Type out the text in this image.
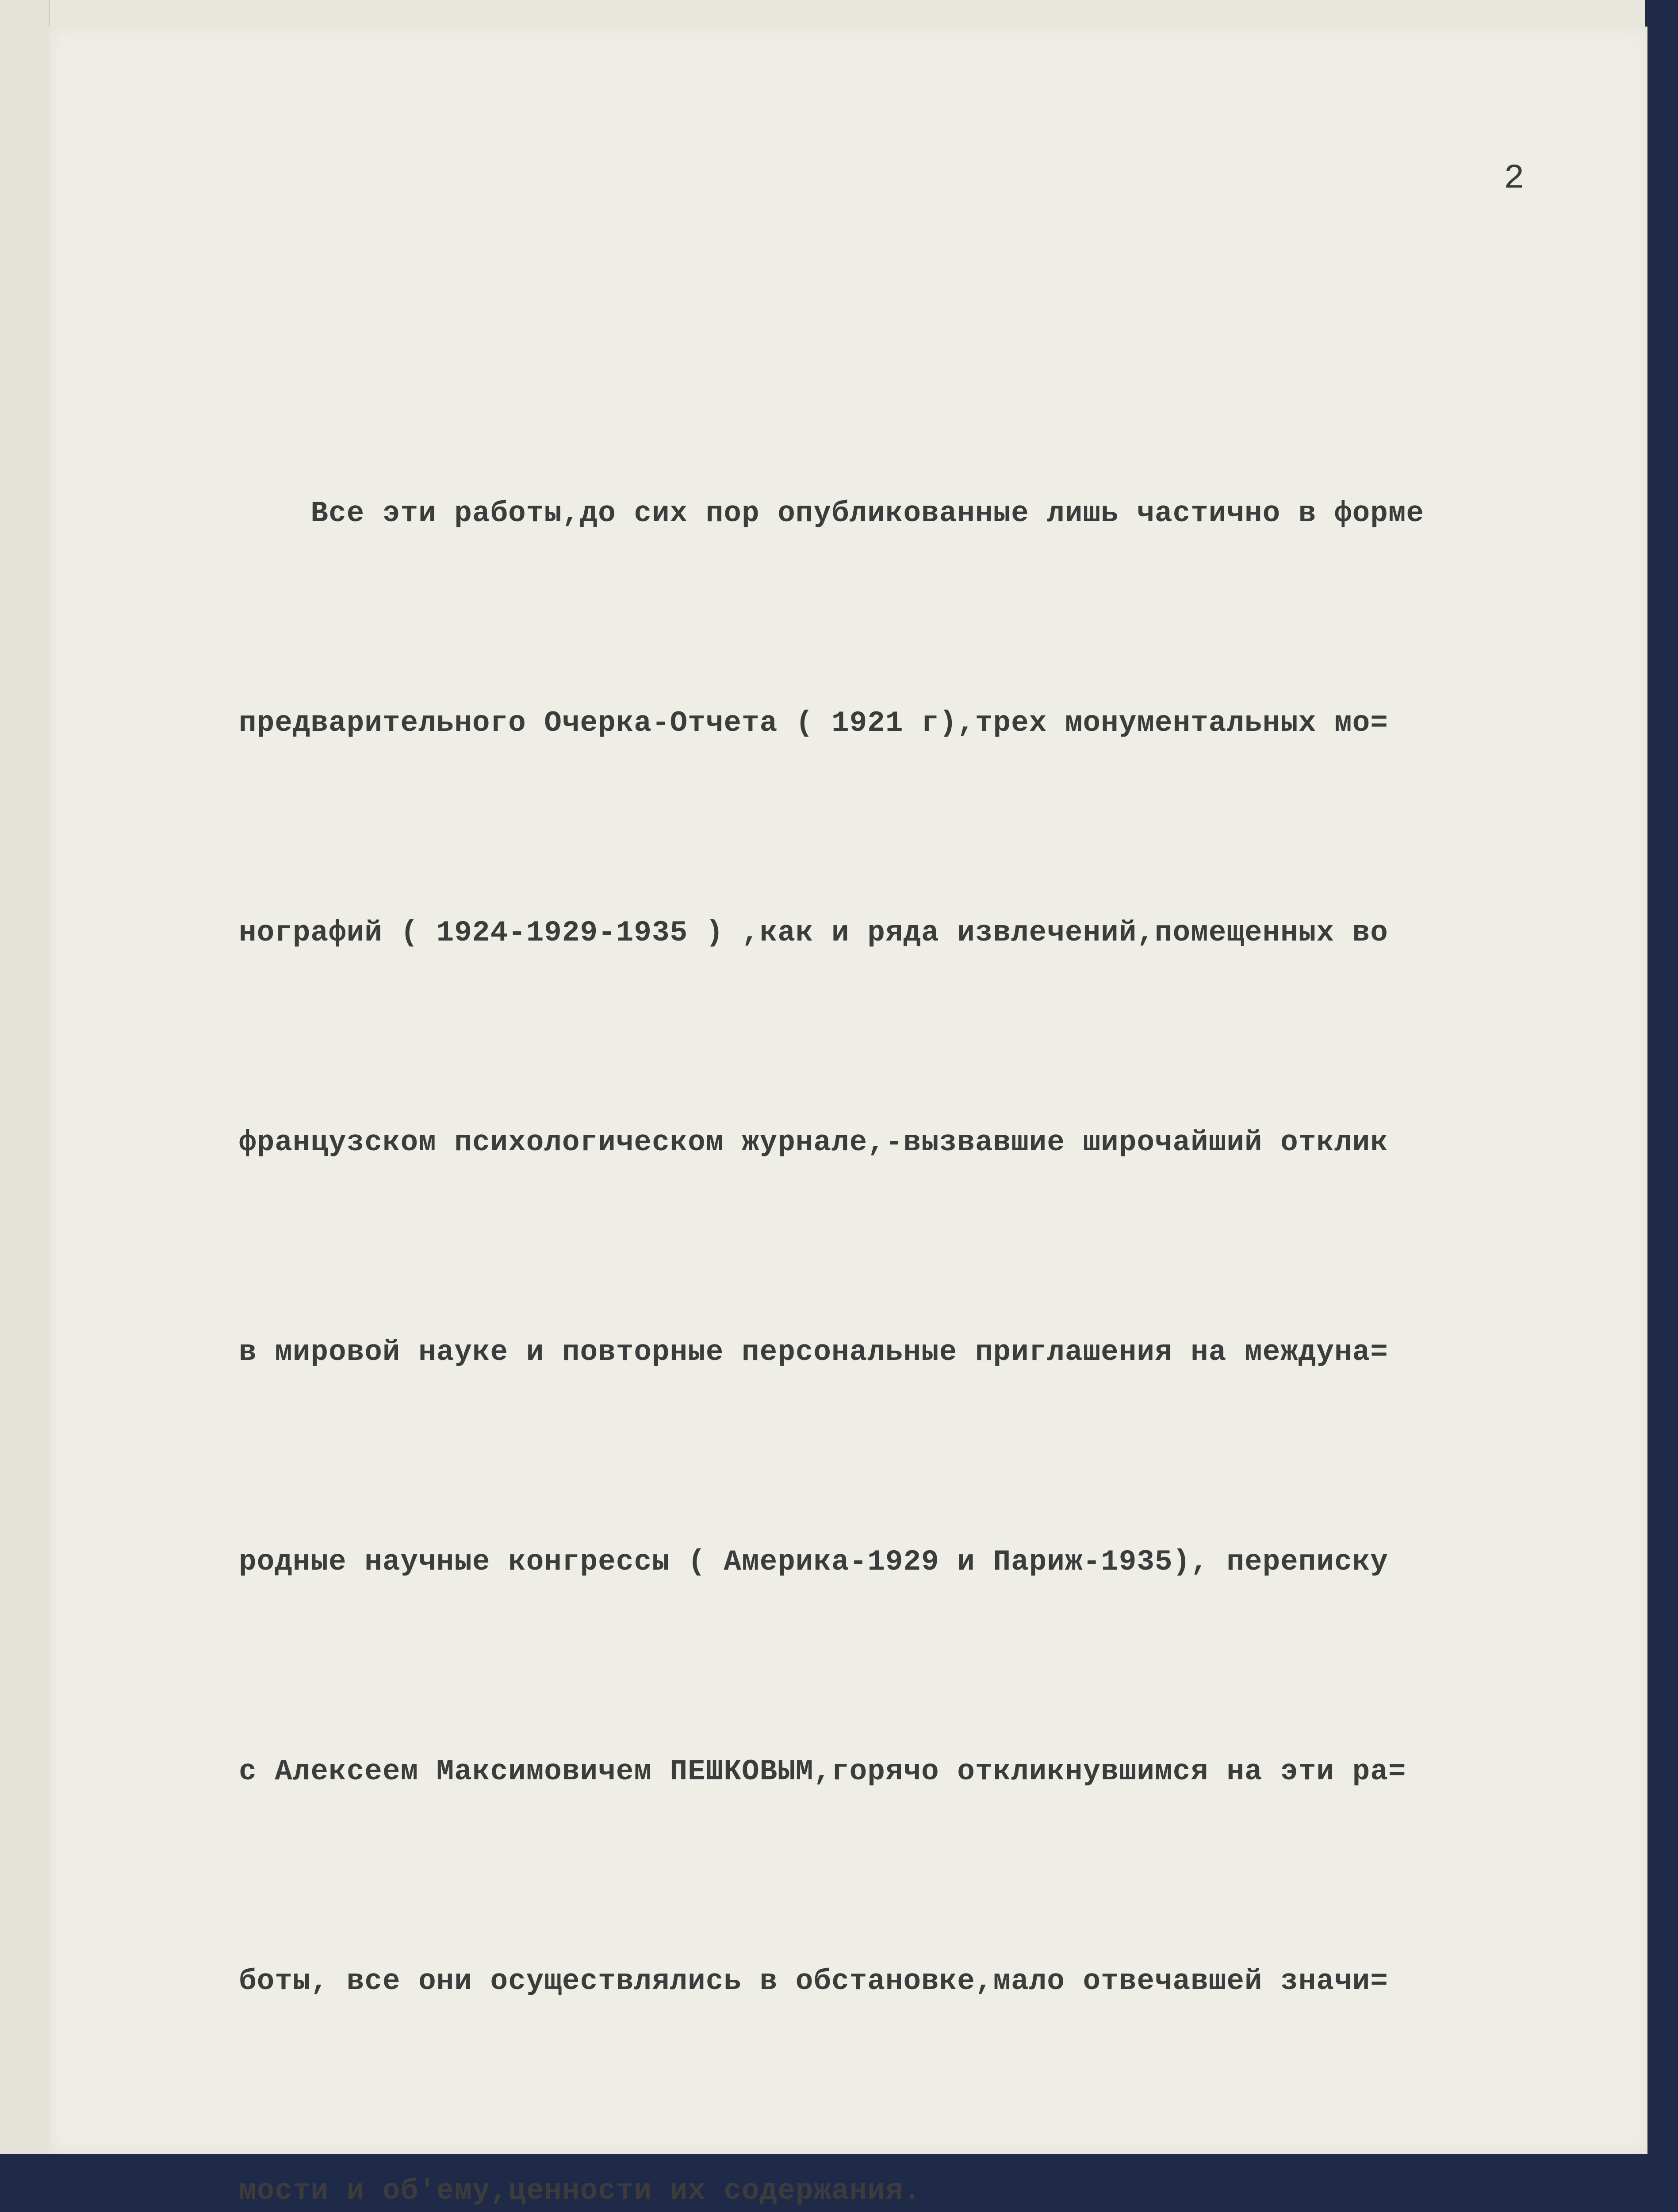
2

Все эти работы,до сих пор опубликованные лишь частично в форме

предварительного Очерка-Отчета ( 1921 г),трех монументальных мо=

нографий ( 1924-1929-1935 ) ,как и ряда извлечений,помещенных во

французском психологическом журнале,-вызвавшие широчайший отклик

в мировой науке и повторные персональные приглашения на междуна=

родные научные конгрессы ( Америка-1929 и Париж-1935), переписку

с Алексеем Максимовичем ПЕШКОВЫМ,горячо откликнувшимся на эти ра=

боты, все они осуществлялись в обстановке,мало отвечавшей значи=

мости и об'ему,ценности их содержания.
